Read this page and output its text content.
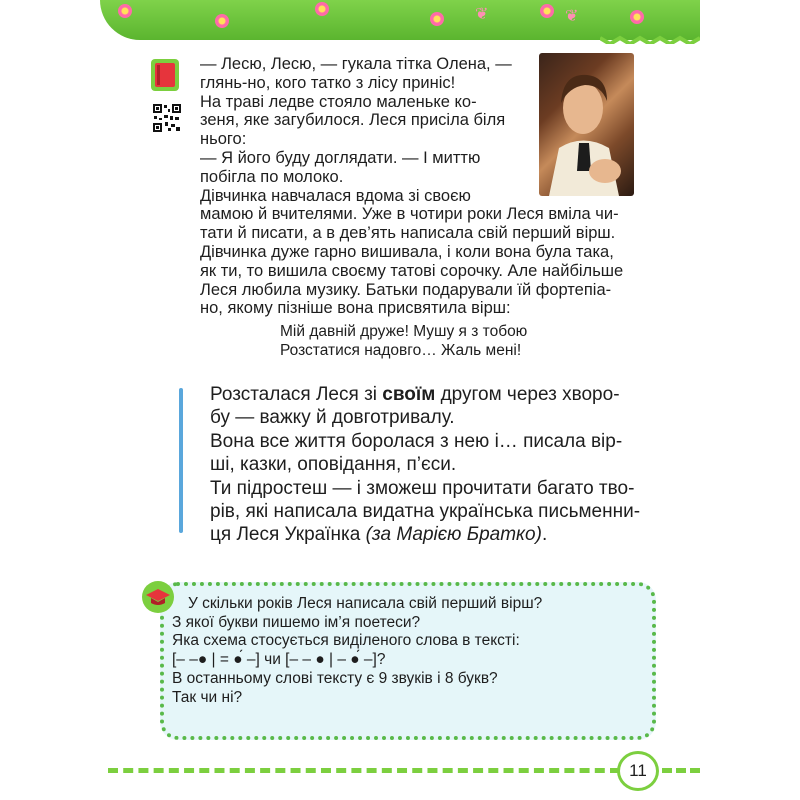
❦	❦

— Лесю, Лесю, — гукала тітка Олена, —

глянь-но, кого татко з лісу приніс!

На траві ледве стояло маленьке ко-

зеня, яке загубилося. Леся присіла біля

нього:

— Я його буду доглядати. — І миттю

побігла по молоко.

Дівчинка навчалася вдома зі своєю

мамою й вчителями. Уже в чотири роки Леся вміла чи-

тати й писати, а в дев’ять написала свій перший вірш.

Дівчинка дуже гарно вишивала, і коли вона була така,

як ти, то вишила своєму татові сорочку. Але найбільше

Леся любила музику. Батьки подарували їй фортепіа-

но, якому пізніше вона присвятила вірш:

Мій давній друже! Мушу я з тобою

Розстатися надовго… Жаль мені!

Розсталася Леся зі своїм другом через хворо-

бу — важку й довготривалу.

Вона все життя боролася з нею і… писала вір-

ші, казки, оповідання, п’єси.

Ти підростеш — і зможеш прочитати багато тво-

рів, які написала видатна українська письменни-

ця Леся Українка (за Марією Братко).

У скільки років Леся написала свій перший вірш?

З якої букви пишемо ім’я поетеси?

Яка схема стосується виділеного слова в тексті:

[– –● | = ●́ –] чи [– – ● | – ●́ –]?

В останньому слові тексту є 9 звуків і 8 букв?

Так чи ні?

11
